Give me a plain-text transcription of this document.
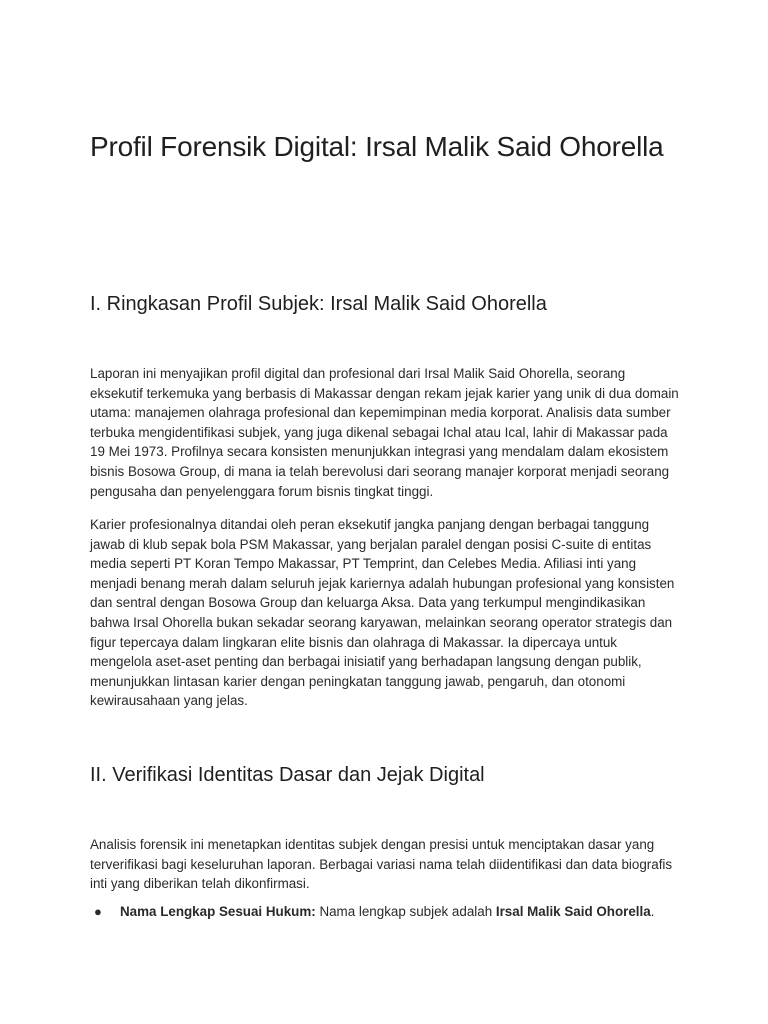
Profil Forensik Digital: Irsal Malik Said Ohorella
I. Ringkasan Profil Subjek: Irsal Malik Said Ohorella

Laporan ini menyajikan profil digital dan profesional dari Irsal Malik Said Ohorella, seorang eksekutif terkemuka yang berbasis di Makassar dengan rekam jejak karier yang unik di dua domain utama: manajemen olahraga profesional dan kepemimpinan media korporat. Analisis data sumber terbuka mengidentifikasi subjek, yang juga dikenal sebagai Ichal atau Ical, lahir di Makassar pada 19 Mei 1973. Profilnya secara konsisten menunjukkan integrasi yang mendalam dalam ekosistem bisnis Bosowa Group, di mana ia telah berevolusi dari seorang manajer korporat menjadi seorang pengusaha dan penyelenggara forum bisnis tingkat tinggi.

Karier profesionalnya ditandai oleh peran eksekutif jangka panjang dengan berbagai tanggung jawab di klub sepak bola PSM Makassar, yang berjalan paralel dengan posisi C-suite di entitas media seperti PT Koran Tempo Makassar, PT Temprint, dan Celebes Media. Afiliasi inti yang menjadi benang merah dalam seluruh jejak kariernya adalah hubungan profesional yang konsisten dan sentral dengan Bosowa Group dan keluarga Aksa. Data yang terkumpul mengindikasikan bahwa Irsal Ohorella bukan sekadar seorang karyawan, melainkan seorang operator strategis dan figur tepercaya dalam lingkaran elite bisnis dan olahraga di Makassar. Ia dipercaya untuk mengelola aset-aset penting dan berbagai inisiatif yang berhadapan langsung dengan publik, menunjukkan lintasan karier dengan peningkatan tanggung jawab, pengaruh, dan otonomi kewirausahaan yang jelas.

II. Verifikasi Identitas Dasar dan Jejak Digital

Analisis forensik ini menetapkan identitas subjek dengan presisi untuk menciptakan dasar yang terverifikasi bagi keseluruhan laporan. Berbagai variasi nama telah diidentifikasi dan data biografis inti yang diberikan telah dikonfirmasi.

● Nama Lengkap Sesuai Hukum: Nama lengkap subjek adalah Irsal Malik Said Ohorella.
